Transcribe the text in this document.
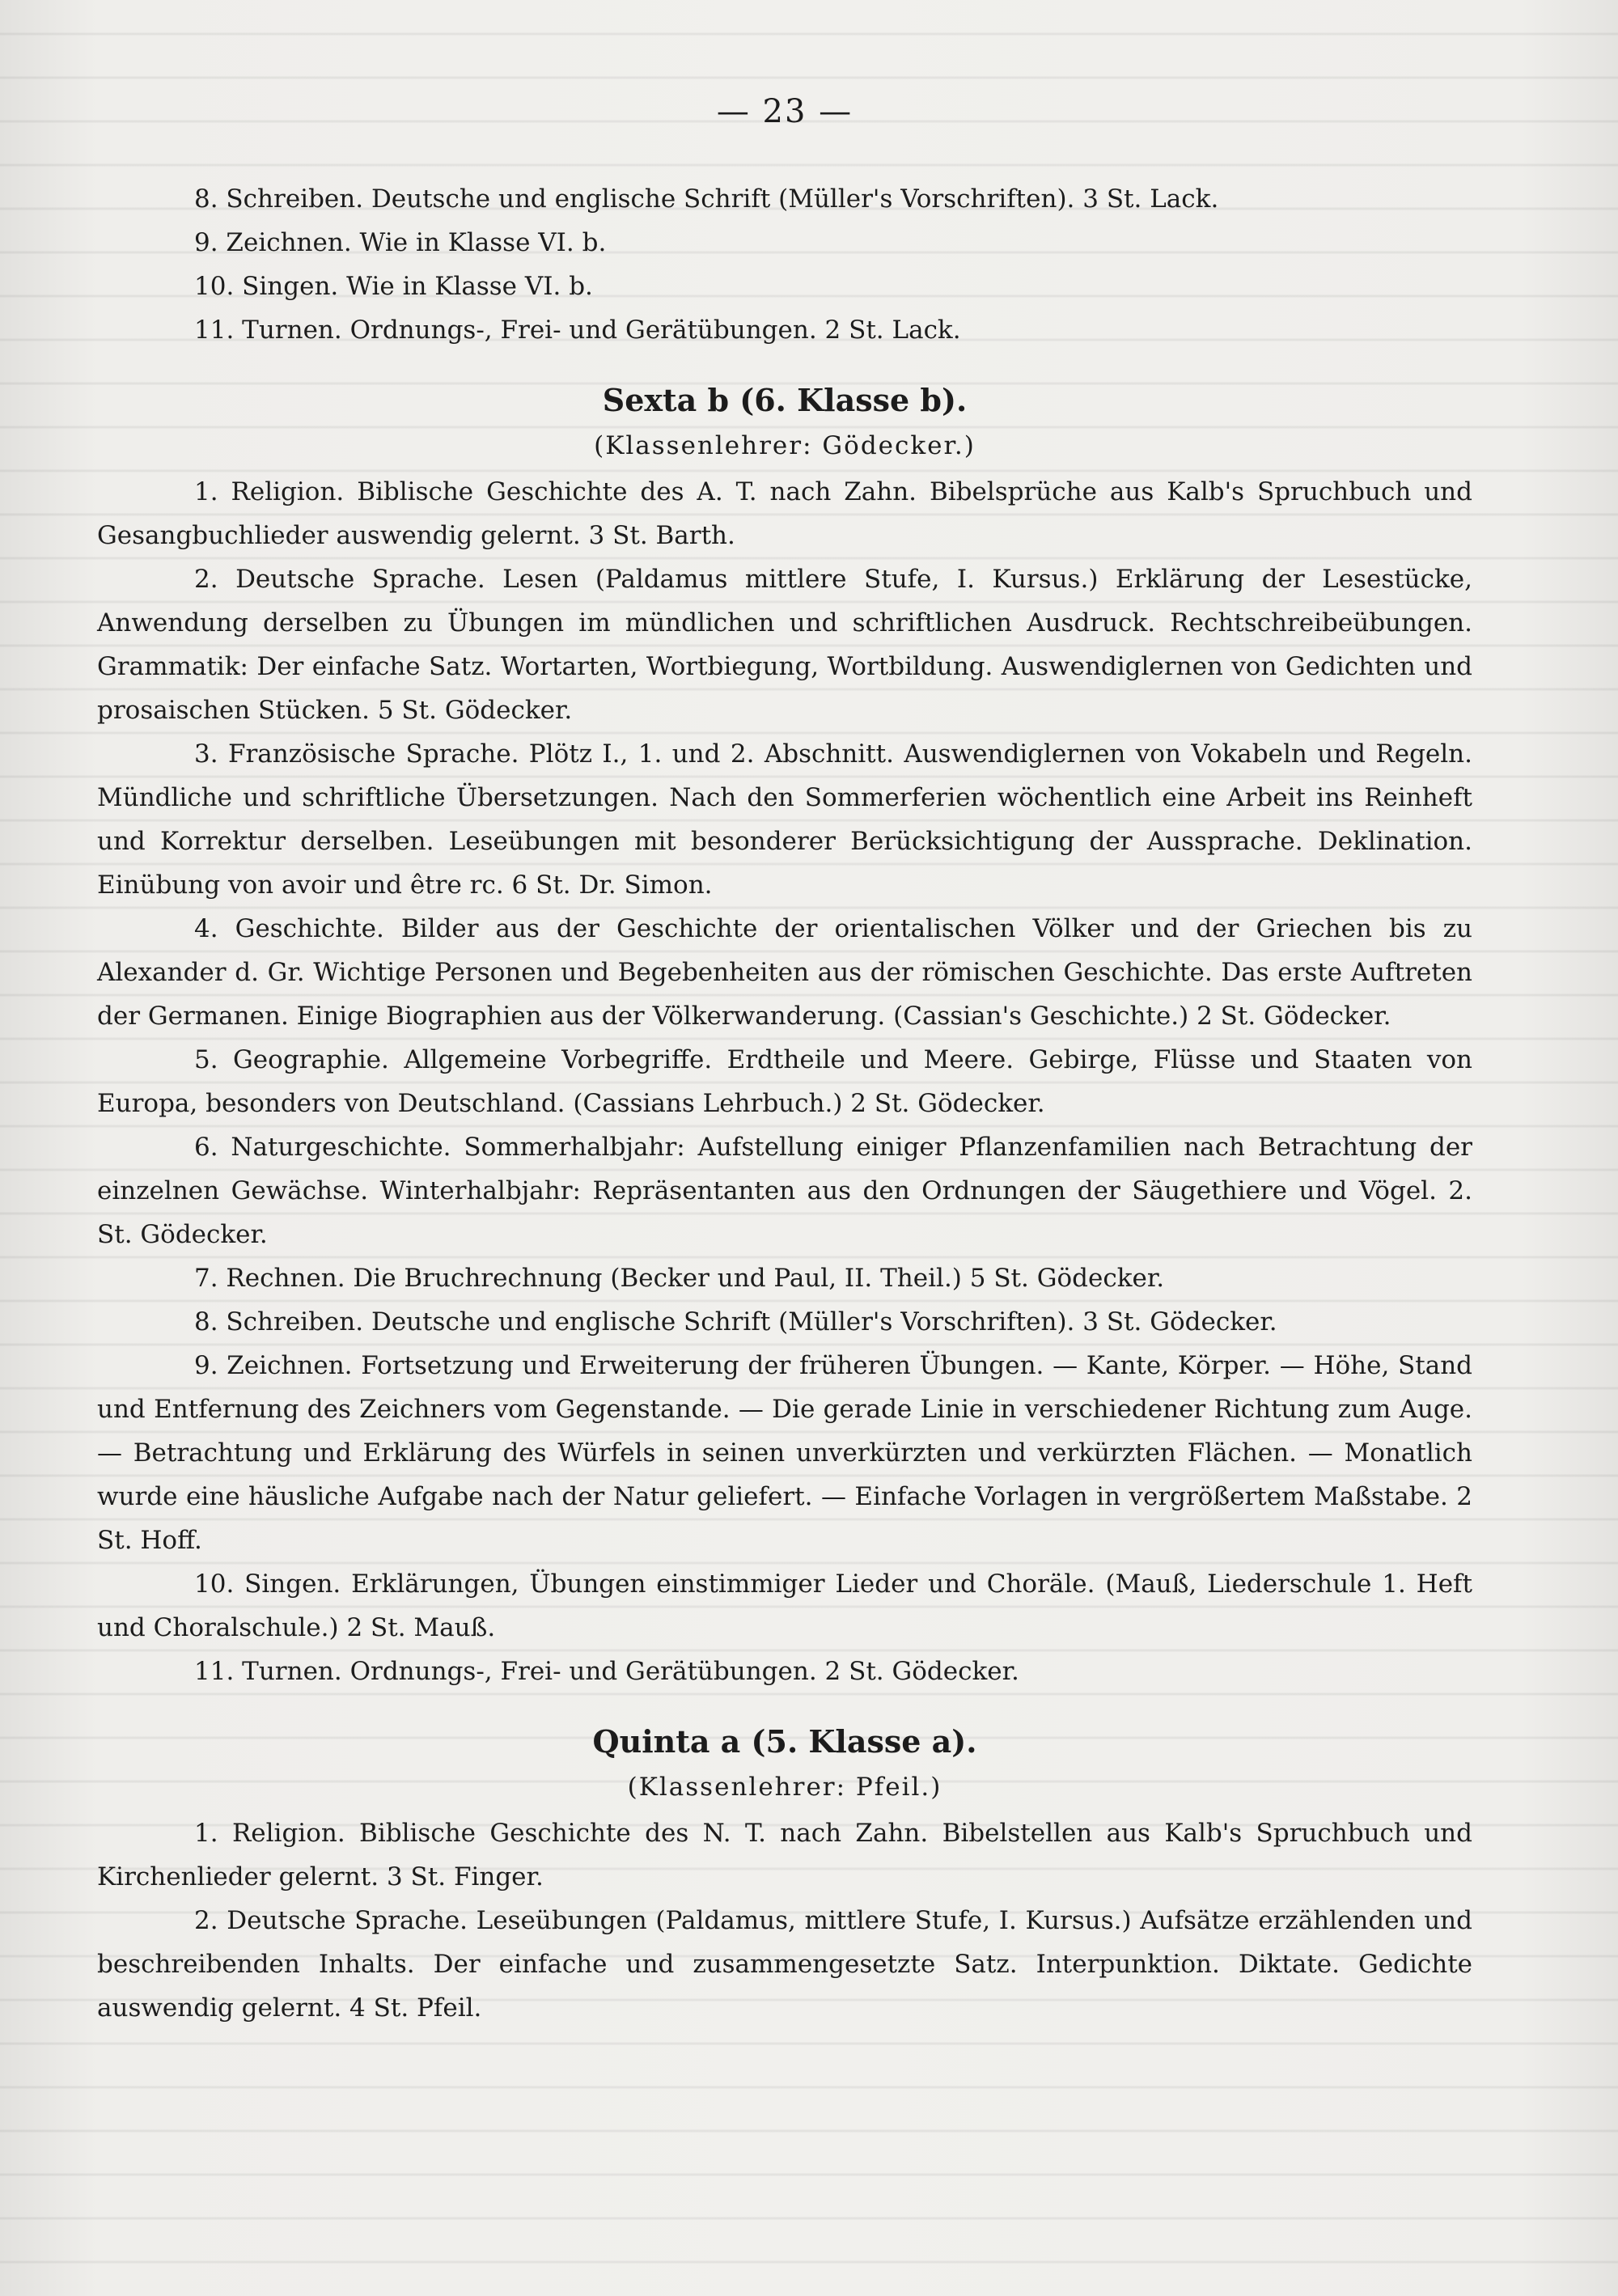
— 23 —

8. Schreiben. Deutsche und englische Schrift (Müller's Vorschriften). 3 St. Lack.

9. Zeichnen. Wie in Klasse VI. b.

10. Singen. Wie in Klasse VI. b.

11. Turnen. Ordnungs-, Frei- und Gerätübungen. 2 St. Lack.

Sexta b (6. Klasse b).
(Klassenlehrer: Gödecker.)

1. Religion. Biblische Geschichte des A. T. nach Zahn. Bibelsprüche aus Kalb's Spruchbuch und Gesangbuchlieder auswendig gelernt. 3 St. Barth.

2. Deutsche Sprache. Lesen (Paldamus mittlere Stufe, I. Kursus.) Erklärung der Lesestücke, Anwendung derselben zu Übungen im mündlichen und schriftlichen Ausdruck. Rechtschreibeübungen. Grammatik: Der einfache Satz. Wortarten, Wortbiegung, Wortbildung. Auswendiglernen von Gedichten und prosaischen Stücken. 5 St. Gödecker.

3. Französische Sprache. Plötz I., 1. und 2. Abschnitt. Auswendiglernen von Vokabeln und Regeln. Mündliche und schriftliche Übersetzungen. Nach den Sommerferien wöchentlich eine Arbeit ins Reinheft und Korrektur derselben. Leseübungen mit besonderer Berücksichtigung der Aussprache. Deklination. Einübung von avoir und être rc. 6 St. Dr. Simon.

4. Geschichte. Bilder aus der Geschichte der orientalischen Völker und der Griechen bis zu Alexander d. Gr. Wichtige Personen und Begebenheiten aus der römischen Geschichte. Das erste Auftreten der Germanen. Einige Biographien aus der Völkerwanderung. (Cassian's Geschichte.) 2 St. Gödecker.

5. Geographie. Allgemeine Vorbegriffe. Erdtheile und Meere. Gebirge, Flüsse und Staaten von Europa, besonders von Deutschland. (Cassians Lehrbuch.) 2 St. Gödecker.

6. Naturgeschichte. Sommerhalbjahr: Aufstellung einiger Pflanzenfamilien nach Betrachtung der einzelnen Gewächse. Winterhalbjahr: Repräsentanten aus den Ordnungen der Säugethiere und Vögel. 2. St. Gödecker.

7. Rechnen. Die Bruchrechnung (Becker und Paul, II. Theil.) 5 St. Gödecker.

8. Schreiben. Deutsche und englische Schrift (Müller's Vorschriften). 3 St. Gödecker.

9. Zeichnen. Fortsetzung und Erweiterung der früheren Übungen. — Kante, Körper. — Höhe, Stand und Entfernung des Zeichners vom Gegenstande. — Die gerade Linie in verschiedener Richtung zum Auge. — Betrachtung und Erklärung des Würfels in seinen unverkürzten und verkürzten Flächen. — Monatlich wurde eine häusliche Aufgabe nach der Natur geliefert. — Einfache Vorlagen in vergrößertem Maßstabe. 2 St. Hoff.

10. Singen. Erklärungen, Übungen einstimmiger Lieder und Choräle. (Mauß, Liederschule 1. Heft und Choralschule.) 2 St. Mauß.

11. Turnen. Ordnungs-, Frei- und Gerätübungen. 2 St. Gödecker.

Quinta a (5. Klasse a).
(Klassenlehrer: Pfeil.)

1. Religion. Biblische Geschichte des N. T. nach Zahn. Bibelstellen aus Kalb's Spruchbuch und Kirchenlieder gelernt. 3 St. Finger.

2. Deutsche Sprache. Leseübungen (Paldamus, mittlere Stufe, I. Kursus.) Aufsätze erzählenden und beschreibenden Inhalts. Der einfache und zusammengesetzte Satz. Interpunktion. Diktate. Gedichte auswendig gelernt. 4 St. Pfeil.
